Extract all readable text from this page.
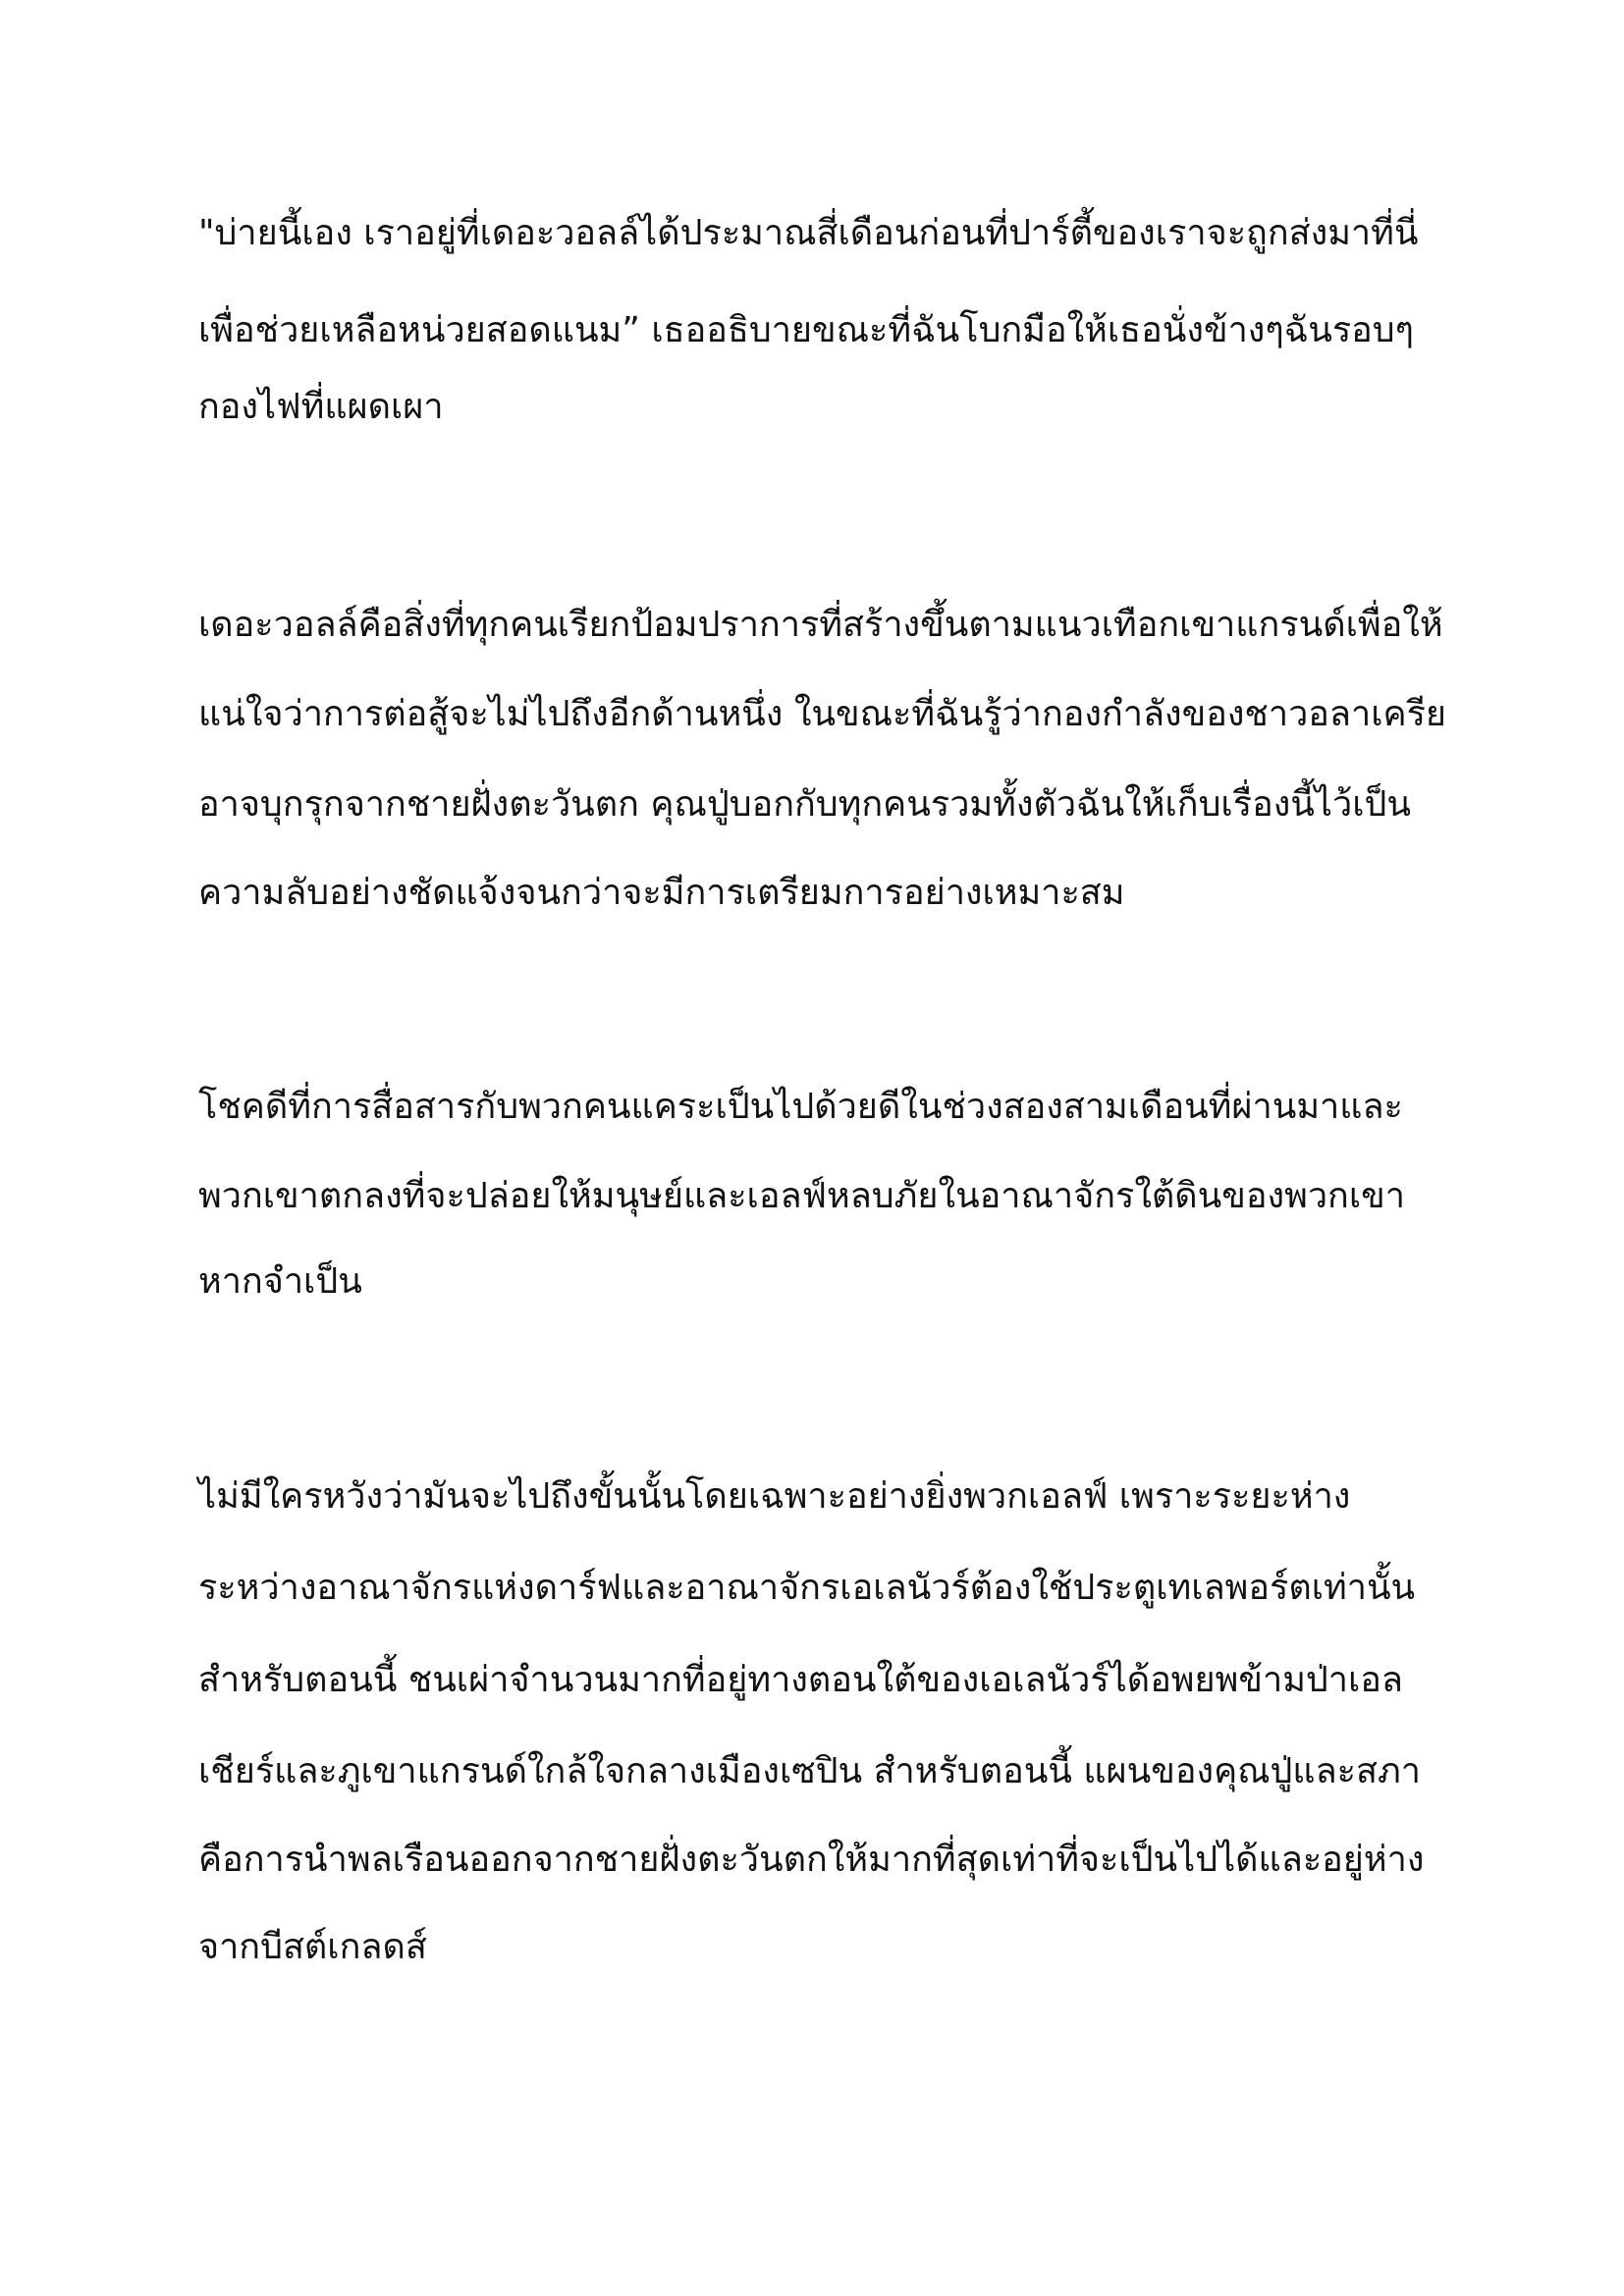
"บ่ายนี้เอง เราอยู่ที่เดอะวอลล์ได้ประมาณสี่เดือนก่อนที่ปาร์ตี้ของเราจะถูกส่งมาที่นี่

เพื่อช่วยเหลือหน่วยสอดแนม” เธออธิบายขณะที่ฉันโบกมือให้เธอนั่งข้างๆฉันรอบๆ

กองไฟที่แผดเผา

เดอะวอลล์คือสิ่งที่ทุกคนเรียกป้อมปราการที่สร้างขึ้นตามแนวเทือกเขาแกรนด์เพื่อให้

แน่ใจว่าการต่อสู้จะไม่ไปถึงอีกด้านหนึ่ง ในขณะที่ฉันรู้ว่ากองกำลังของชาวอลาเครีย

อาจบุกรุกจากชายฝั่งตะวันตก คุณปู่บอกกับทุกคนรวมทั้งตัวฉันให้เก็บเรื่องนี้ไว้เป็น

ความลับอย่างชัดแจ้งจนกว่าจะมีการเตรียมการอย่างเหมาะสม

โชคดีที่การสื่อสารกับพวกคนแคระเป็นไปด้วยดีในช่วงสองสามเดือนที่ผ่านมาและ

พวกเขาตกลงที่จะปล่อยให้มนุษย์และเอลฟ์หลบภัยในอาณาจักรใต้ดินของพวกเขา

หากจำเป็น

ไม่มีใครหวังว่ามันจะไปถึงขั้นนั้นโดยเฉพาะอย่างยิ่งพวกเอลฟ์ เพราะระยะห่าง

ระหว่างอาณาจักรแห่งดาร์ฟและอาณาจักรเอเลนัวร์ต้องใช้ประตูเทเลพอร์ตเท่านั้น

สำหรับตอนนี้ ชนเผ่าจำนวนมากที่อยู่ทางตอนใต้ของเอเลนัวร์ได้อพยพข้ามป่าเอล

เชียร์และภูเขาแกรนด์ใกล้ใจกลางเมืองเซปิน สำหรับตอนนี้ แผนของคุณปู่และสภา

คือการนำพลเรือนออกจากชายฝั่งตะวันตกให้มากที่สุดเท่าที่จะเป็นไปได้และอยู่ห่าง

จากบีสต์เกลดส์
